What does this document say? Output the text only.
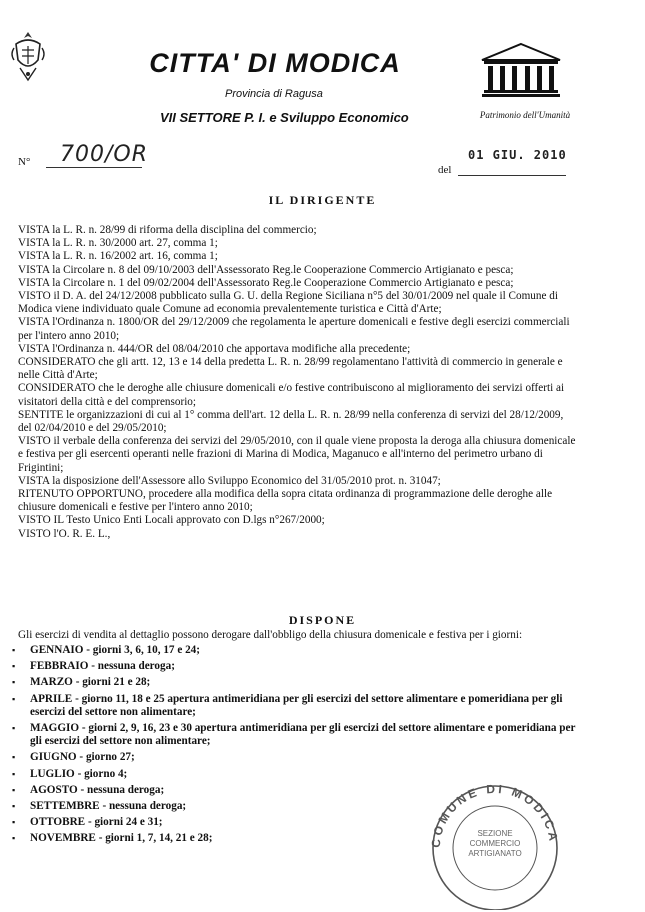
CITTA' DI MODICA
Provincia di Ragusa
VII SETTORE P. I. e Sviluppo Economico	Patrimonio dell'Umanità
N° 700/OR	01 GIU. 2010
del
IL DIRIGENTE

VISTA la L. R. n. 28/99 di riforma della disciplina del commercio;

VISTA la L. R. n. 30/2000 art. 27, comma 1;

VISTA la L. R. n. 16/2002 art. 16, comma 1;

VISTA la Circolare n. 8 del 09/10/2003 dell'Assessorato Reg.le Cooperazione Commercio Artigianato e pesca;

VISTA la Circolare n. 1 del 09/02/2004 dell'Assessorato Reg.le Cooperazione Commercio Artigianato e pesca;

VISTO il D. A. del 24/12/2008 pubblicato sulla G. U. della Regione Siciliana n°5 del 30/01/2009 nel quale il Comune di Modica viene individuato quale Comune ad economia prevalentemente turistica e Città d'Arte;

VISTA l'Ordinanza n. 1800/OR del 29/12/2009 che regolamenta le aperture domenicali e festive degli esercizi commerciali per l'intero anno 2010;

VISTA l'Ordinanza n. 444/OR del 08/04/2010 che apportava modifiche alla precedente;

CONSIDERATO che gli artt. 12, 13 e 14 della predetta L. R. n. 28/99 regolamentano l'attività di commercio in generale e nelle Città d'Arte;

CONSIDERATO che le deroghe alle chiusure domenicali e/o festive contribuiscono al miglioramento dei servizi offerti ai visitatori della città e del comprensorio;

SENTITE le organizzazioni di cui al 1° comma dell'art. 12 della L. R. n. 28/99 nella conferenza di servizi del 28/12/2009, del 02/04/2010 e del 29/05/2010;

VISTO il verbale della conferenza dei servizi del 29/05/2010, con il quale viene proposta la deroga alla chiusura domenicale e festiva per gli esercenti operanti nelle frazioni di Marina di Modica, Maganuco e all'interno del perimetro urbano di Frigintini;

VISTA la disposizione dell'Assessore allo Sviluppo Economico del 31/05/2010 prot. n. 31047;

RITENUTO OPPORTUNO, procedere alla modifica della sopra citata ordinanza di programmazione delle deroghe alle chiusure domenicali e festive per l'intero anno 2010;

VISTO IL Testo Unico Enti Locali approvato con D.lgs n°267/2000;

VISTO l'O. R. E. L.,

DISPONE
Gli esercizi di vendita al dettaglio possono derogare dall'obbligo della chiusura domenicale e festiva per i giorni:
▪ GENNAIO - giorni 3, 6, 10, 17 e 24;
▪ FEBBRAIO - nessuna deroga;
▪ MARZO - giorni 21 e 28;
▪ APRILE - giorno 11, 18 e 25 apertura antimeridiana per gli esercizi del settore alimentare e pomeridiana per gli esercizi del settore non alimentare;
▪ MAGGIO - giorni 2, 9, 16, 23 e 30 apertura antimeridiana per gli esercizi del settore alimentare e pomeridiana per gli esercizi del settore non alimentare;
▪ GIUGNO - giorno 27;
▪ LUGLIO - giorno 4;
▪ AGOSTO - nessuna deroga;
▪ SETTEMBRE - nessuna deroga;
▪ OTTOBRE - giorni 24 e 31;
▪ NOVEMBRE - giorni 1, 7, 14, 21 e 28;	COMUNE DI MODICA
SEZIONE COMMERCIO ARTIGIANATO
